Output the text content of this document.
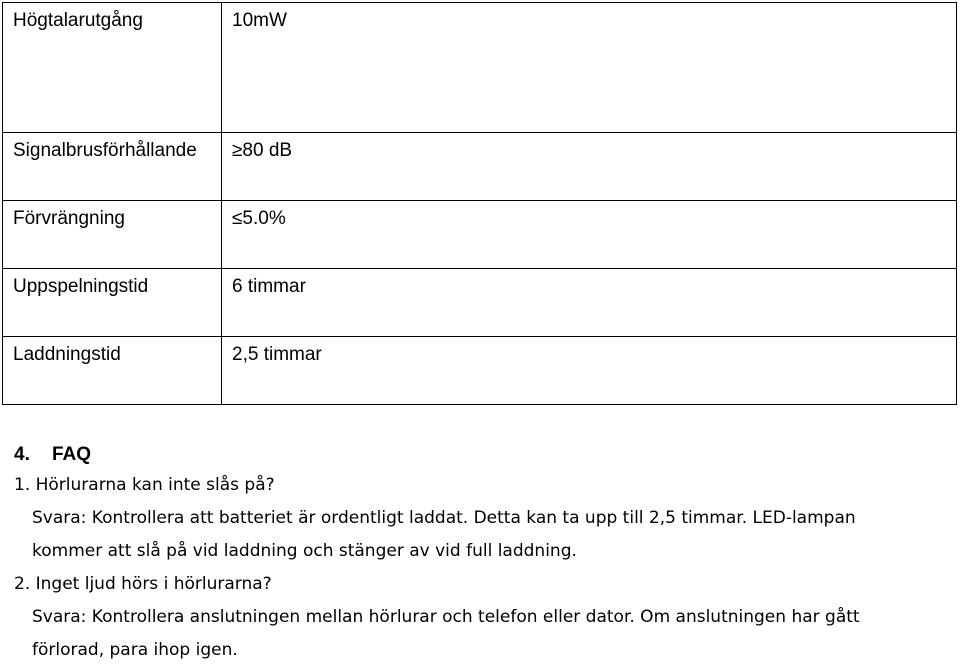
Högtalarutgång	10mW
Signalbrusförhållande	≥80 dB
Förvrängning	≤5.0%
Uppspelningstid	6 timmar
Laddningstid	2,5 timmar
4. FAQ
1. Hörlurarna kan inte slås på?
Svara: Kontrollera att batteriet är ordentligt laddat. Detta kan ta upp till 2,5 timmar. LED-lampan
kommer att slå på vid laddning och stänger av vid full laddning.
2. Inget ljud hörs i hörlurarna?
Svara: Kontrollera anslutningen mellan hörlurar och telefon eller dator. Om anslutningen har gått
förlorad, para ihop igen.
